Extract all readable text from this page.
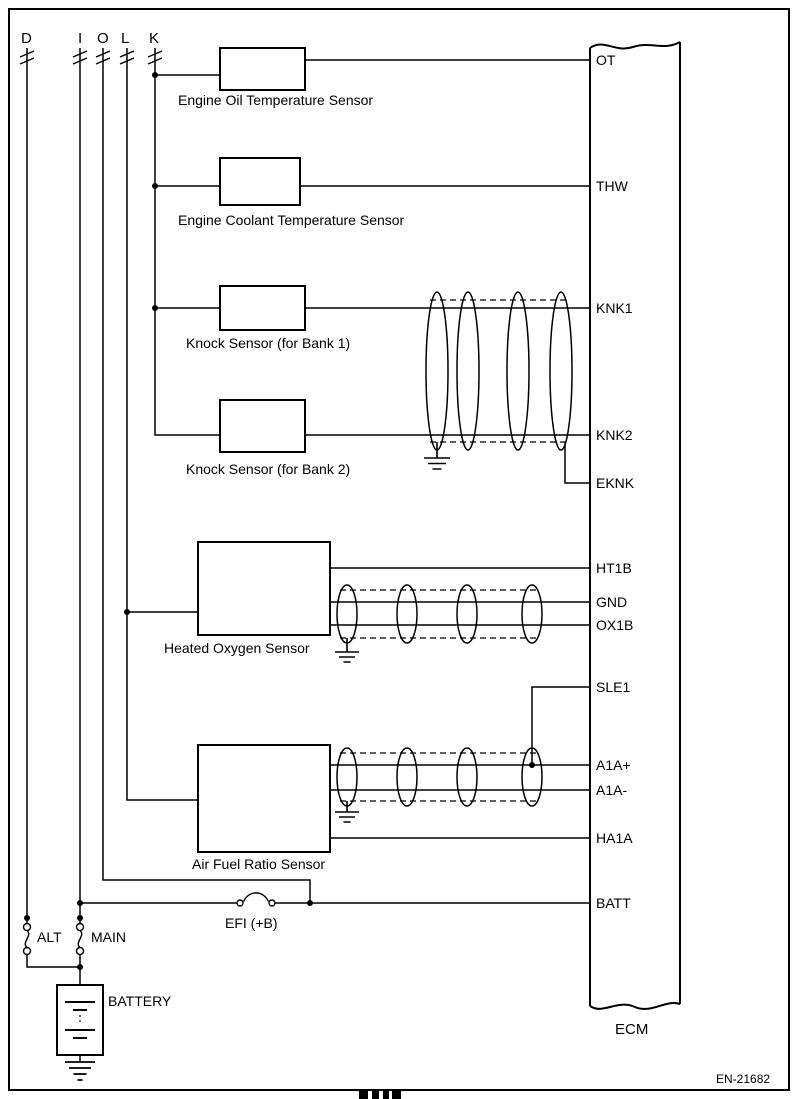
D	I O L K
Engine Oil Temperature Sensor
Engine Coolant Temperature Sensor
Knock Sensor (for Bank 1)
Knock Sensor (for Bank 2)
Heated Oxygen Sensor
Air Fuel Ratio Sensor
OT
THW
KNK1
KNK2
EKNK
HT1B
GND
OX1B
SLE1
A1A+
A1A-
HA1A
BATT
EFI (+B)
ALT MAIN
BATTERY
ECM
EN-21682
